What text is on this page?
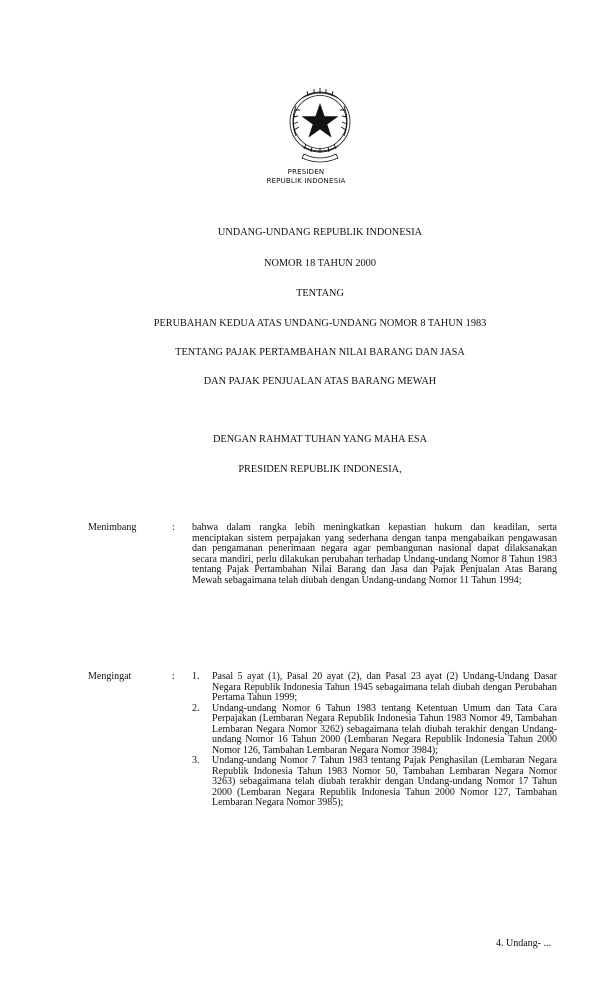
PRESIDEN
REPUBLIK INDONESIA
UNDANG-UNDANG REPUBLIK INDONESIA
NOMOR 18 TAHUN 2000
TENTANG
PERUBAHAN KEDUA ATAS UNDANG-UNDANG NOMOR 8 TAHUN 1983
TENTANG PAJAK PERTAMBAHAN NILAI BARANG DAN JASA
DAN PAJAK PENJUALAN ATAS BARANG MEWAH
DENGAN RAHMAT TUHAN YANG MAHA ESA
PRESIDEN REPUBLIK INDONESIA,
Menimbang	: bahwa dalam rangka lebih meningkatkan kepastian hukum dan keadilan, serta menciptakan sistem perpajakan yang sederhana dengan tanpa mengabaikan pengawasan dan pengamanan penerimaan negara agar pembangunan nasional dapat dilaksanakan secara mandiri, perlu dilakukan perubahan terhadap Undang-undang Nomor 8 Tahun 1983 tentang Pajak Pertambahan Nilai Barang dan Jasa dan Pajak Penjualan Atas Barang Mewah sebagaimana telah diubah dengan Undang-undang Nomor 11 Tahun 1994;
Mengingat	: 1. Pasal 5 ayat (1), Pasal 20 ayat (2), dan Pasal 23 ayat (2) Undang-Undang Dasar Negara Republik Indonesia Tahun 1945 sebagaimana telah diubah dengan Perubahan Pertama Tahun 1999;
2. Undang-undang Nomor 6 Tahun 1983 tentang Ketentuan Umum dan Tata Cara Perpajakan (Lembaran Negara Republik Indonesia Tahun 1983 Nomor 49, Tambahan Lembaran Negara Nomor 3262) sebagaimana telah diubah terakhir dengan Undang-undang Nomor 16 Tahun 2000 (Lembaran Negara Republik Indonesia Tahun 2000 Nomor 126, Tambahan Lembaran Negara Nomor 3984);
3. Undang-undang Nomor 7 Tahun 1983 tentang Pajak Penghasilan (Lembaran Negara Republik Indonesia Tahun 1983 Nomor 50, Tambahan Lembaran Negara Nomor 3263) sebagaimana telah diubah terakhir dengan Undang-undang Nomor 17 Tahun 2000 (Lembaran Negara Republik Indonesia Tahun 2000 Nomor 127, Tambahan Lembaran Negara Nomor 3985);
4. Undang- ...
